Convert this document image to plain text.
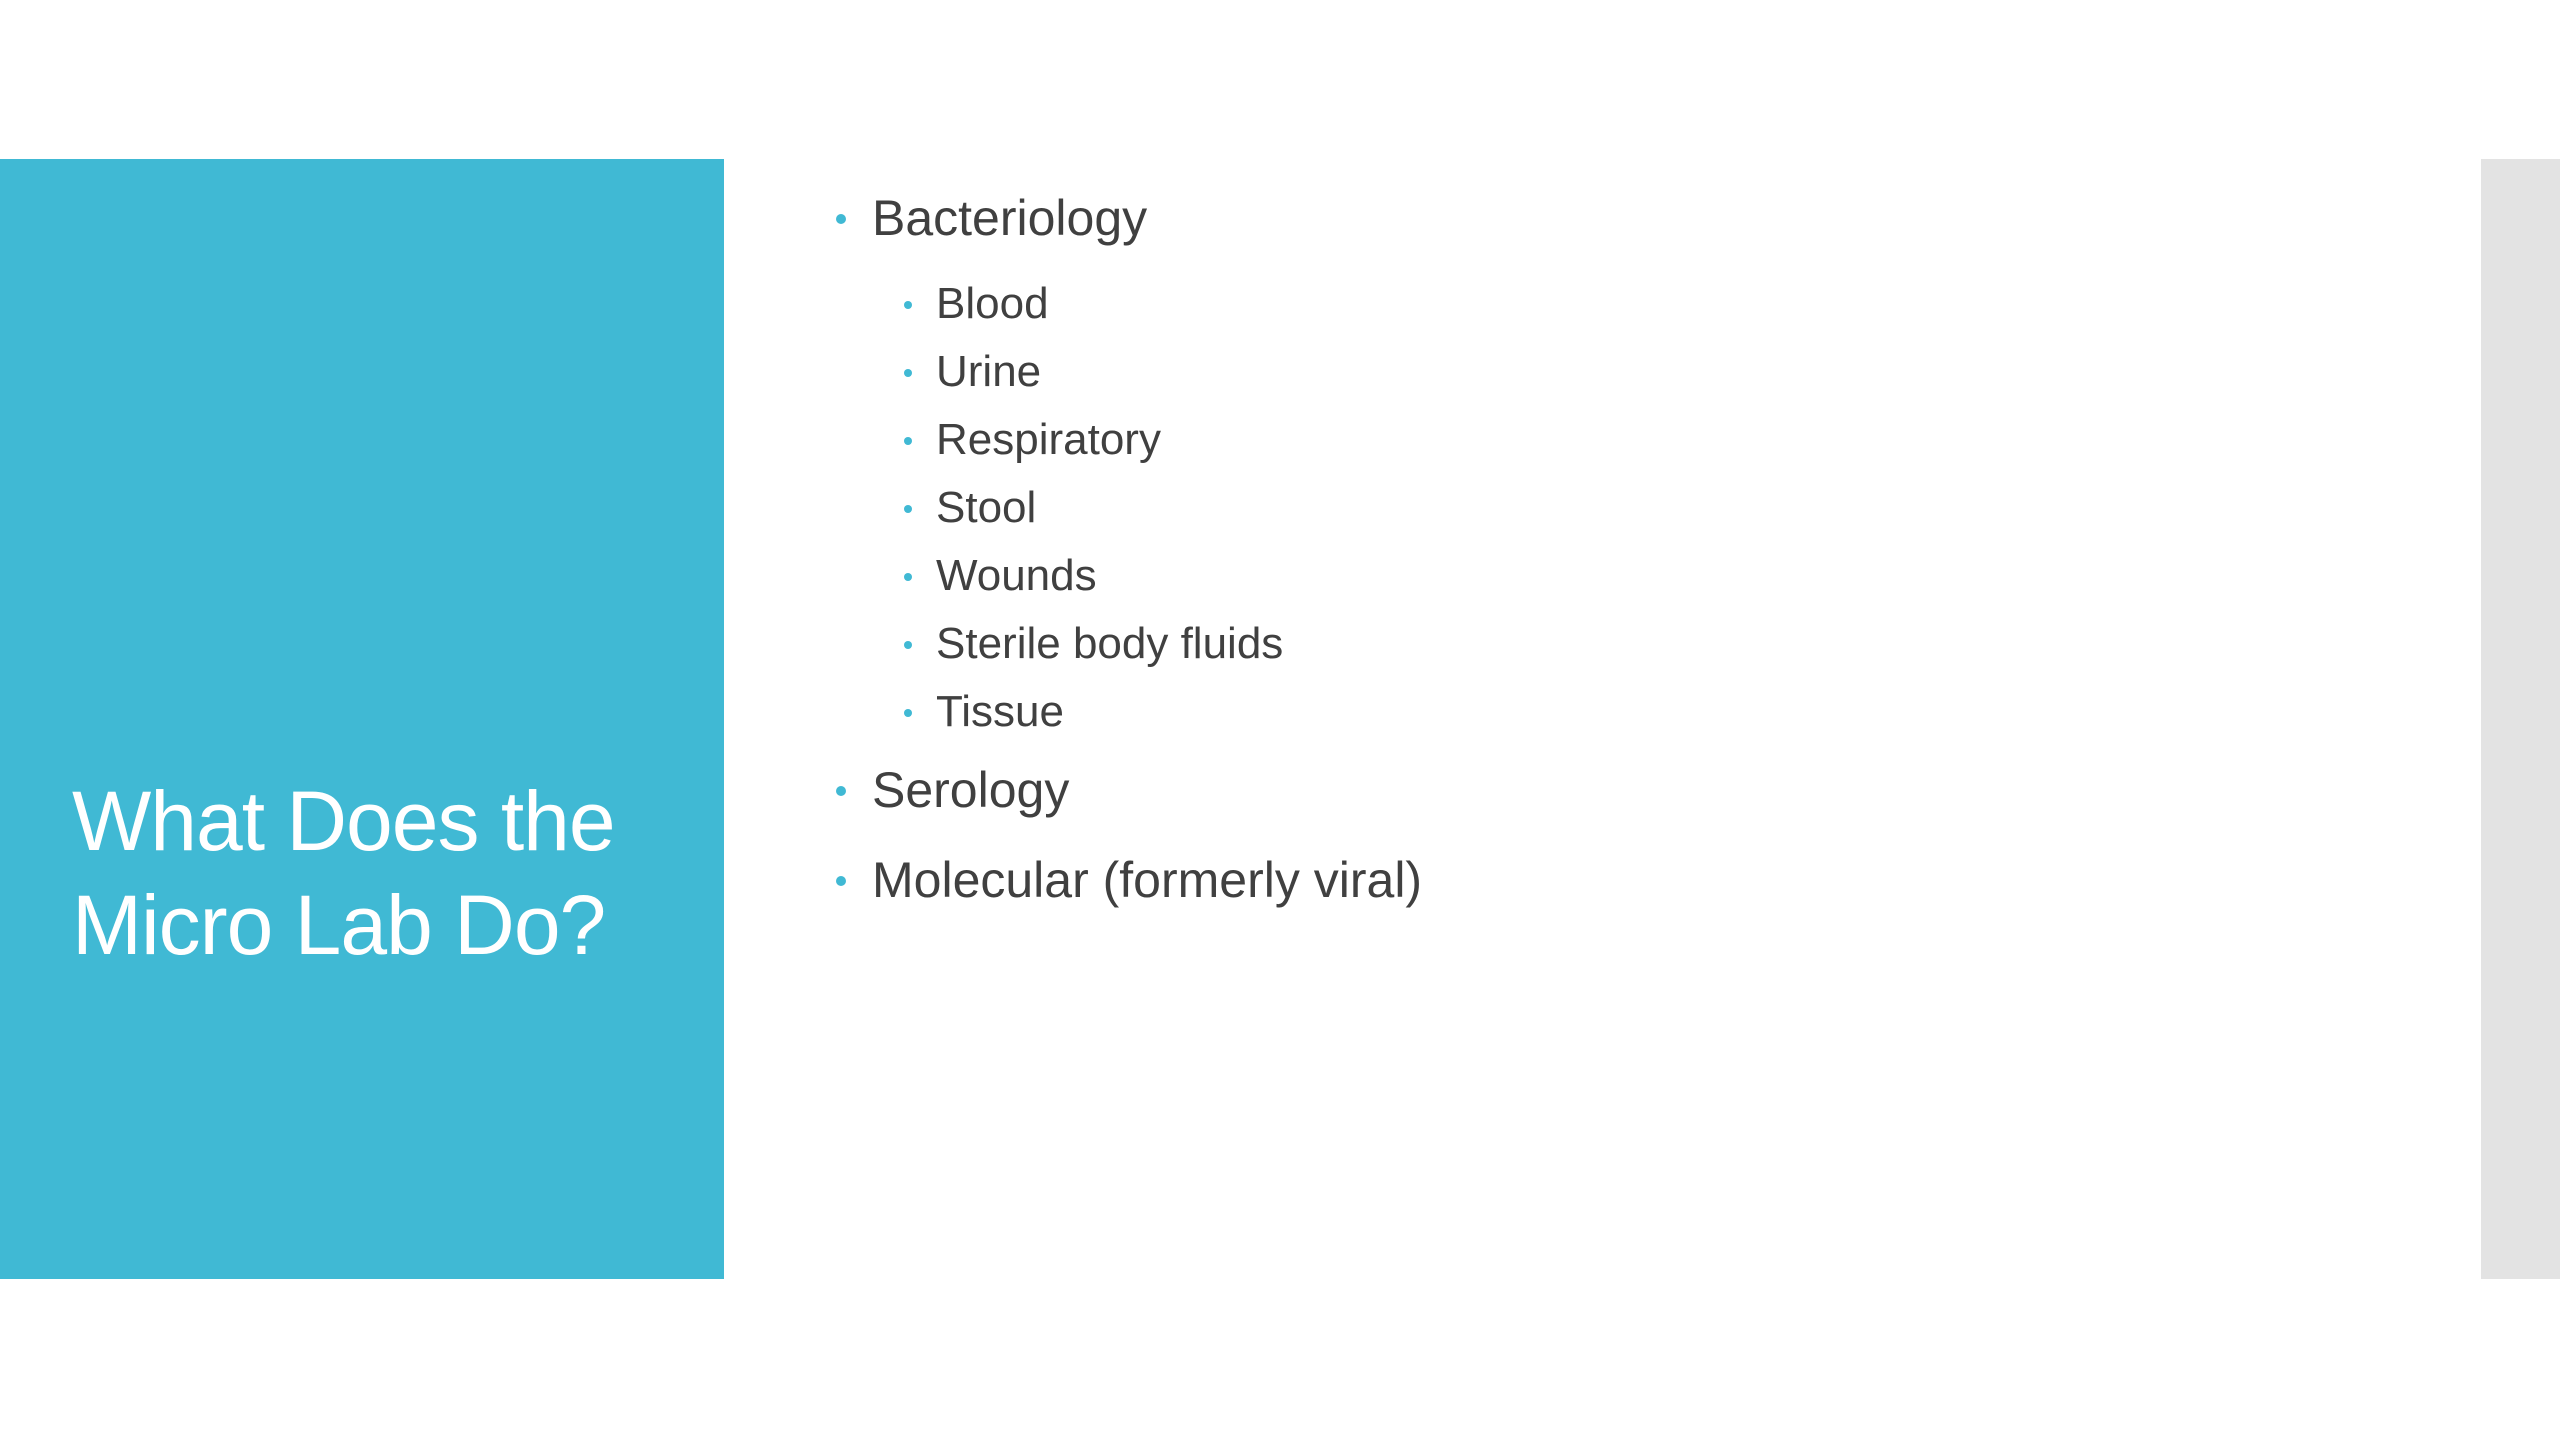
What Does the
Micro Lab Do?
Bacteriology
Blood
Urine
Respiratory
Stool
Wounds
Sterile body fluids
Tissue
Serology
Molecular (formerly viral)
